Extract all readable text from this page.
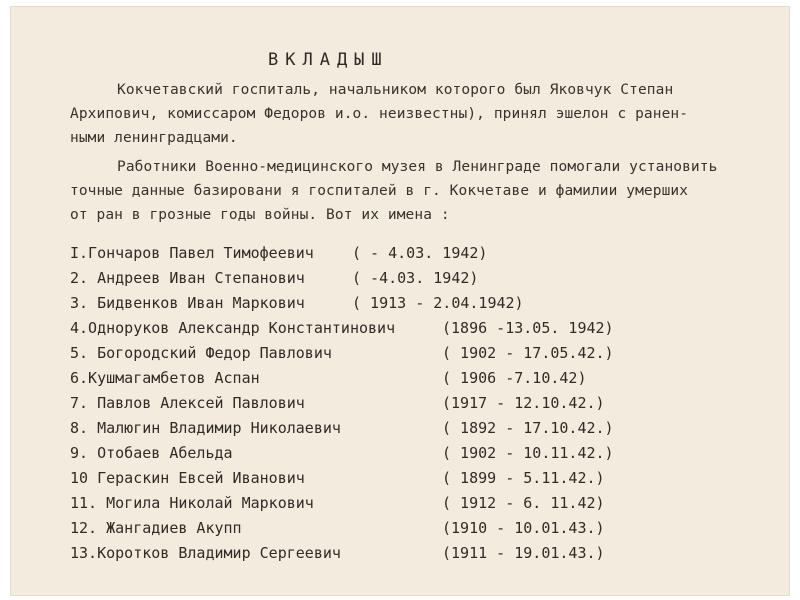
ВКЛАДЫШ
Кокчетавский госпиталь, начальником которого был Яковчук Степан
Архипович, комиссаром Федоров и.о. неизвестны), принял эшелон с ранен-
ными ленинградцами.
Работники Военно-медицинского музея в Ленинграде помогали установить
точные данные базировани я госпиталей в г. Кокчетаве и фамилии умерших
от ран в грозные годы войны. Вот их имена :
I.Гончаров Павел Тимофеевич	( - 4.03. 1942)
2. Андреев Иван Степанович	( -4.03. 1942)
3. Бидвенков Иван Маркович	( 1913 - 2.04.1942)
4.Однoруков Александр Константинович	(1896 -13.05. 1942)
5. Богородский Федор Павлович	( 1902 - 17.05.42.)
6.Кушмагамбетов Аспан	( 1906 -7.10.42)
7. Павлов Алексей Павлович	(1917 - 12.10.42.)
8. Малюгин Владимир Николаевич	( 1892 - 17.10.42.)
9. Отобаев Абельда	( 1902 - 10.11.42.)
10 Гераскин Евсей Иванович	( 1899 - 5.11.42.)
11. Могила Николай Маркович	( 1912 - 6. 11.42)
12. Жангадиев Акупп	(1910 - 10.01.43.)
13.Коротков Владимир Сергеевич	(1911 - 19.01.43.)
